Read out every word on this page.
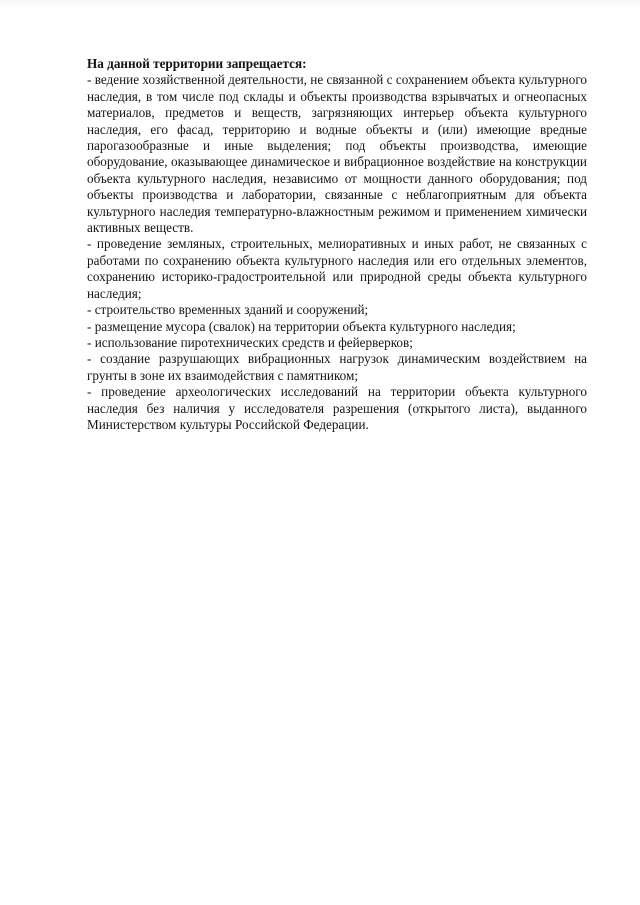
На данной территории запрещается:

- ведение хозяйственной деятельности, не связанной с сохранением объекта культурного наследия, в том числе под склады и объекты производства взрывчатых и огнеопасных материалов, предметов и веществ, загрязняющих интерьер объекта культурного наследия, его фасад, территорию и водные объекты и (или) имеющие вредные парогазообразные и иные выделения; под объекты производства, имеющие оборудование, оказывающее динамическое и вибрационное воздействие на конструкции объекта культурного наследия, независимо от мощности данного оборудования; под объекты производства и лаборатории, связанные с неблагоприятным для объекта культурного наследия температурно-влажностным режимом и применением химически активных веществ.

- проведение земляных, строительных, мелиоративных и иных работ, не связанных с работами по сохранению объекта культурного наследия или его отдельных элементов, сохранению историко-градостроительной или природной среды объекта культурного наследия;

- строительство временных зданий и сооружений;

- размещение мусора (свалок) на территории объекта культурного наследия;

- использование пиротехнических средств и фейерверков;

- создание разрушающих вибрационных нагрузок динамическим воздействием на грунты в зоне их взаимодействия с памятником;

- проведение археологических исследований на территории объекта культурного наследия без наличия у исследователя разрешения (открытого листа), выданного Министерством культуры Российской Федерации.
